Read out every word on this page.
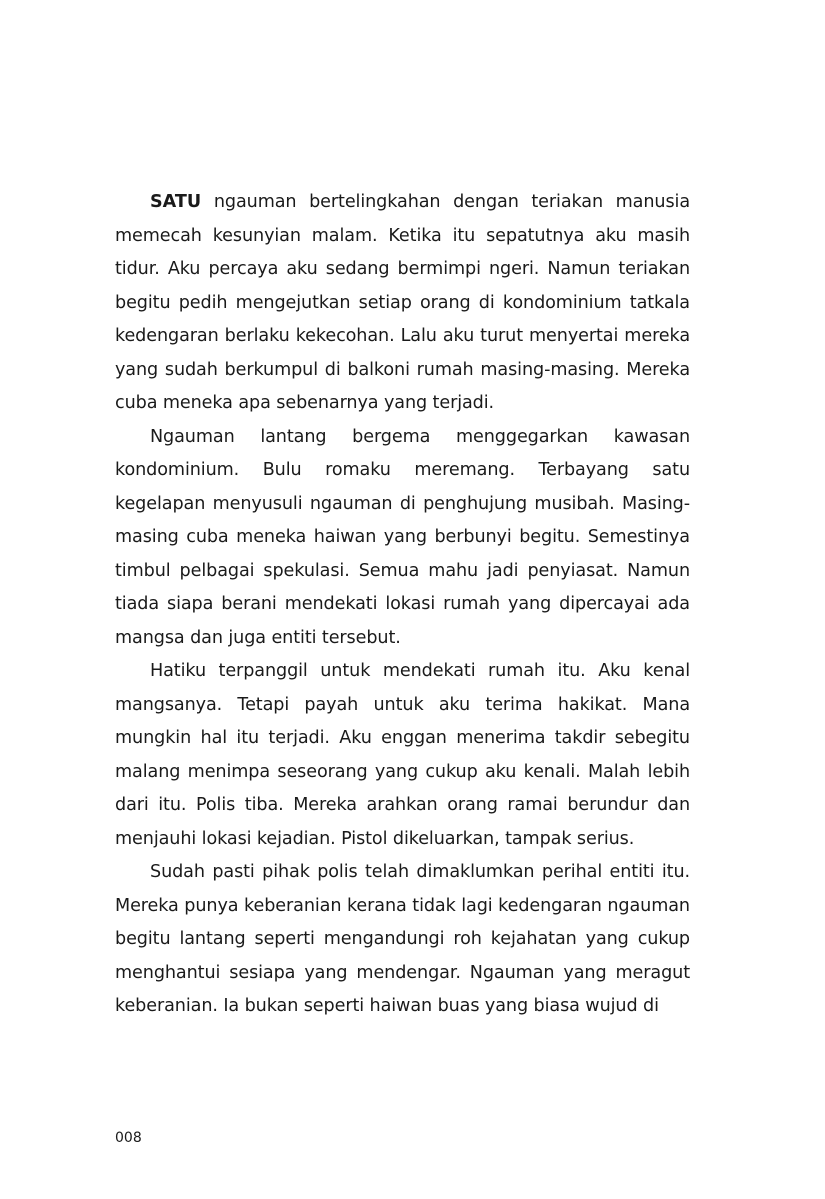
SATU ngauman bertelingkahan dengan teriakan manusia memecah kesunyian malam. Ketika itu sepatutnya aku masih tidur. Aku percaya aku sedang bermimpi ngeri. Namun teriakan begitu pedih mengejutkan setiap orang di kondominium tatkala kedengaran berlaku kekecohan. Lalu aku turut menyertai mereka yang sudah berkumpul di balkoni rumah masing-masing. Mereka cuba meneka apa sebenarnya yang terjadi.

Ngauman lantang bergema menggegarkan kawasan kondominium. Bulu romaku meremang. Terbayang satu kegelapan menyusuli ngauman di penghujung musibah. Masing-masing cuba meneka haiwan yang berbunyi begitu. Semestinya timbul pelbagai spekulasi. Semua mahu jadi penyiasat. Namun tiada siapa berani mendekati lokasi rumah yang dipercayai ada mangsa dan juga entiti tersebut.

Hatiku terpanggil untuk mendekati rumah itu. Aku kenal mangsanya. Tetapi payah untuk aku terima hakikat. Mana mungkin hal itu terjadi. Aku enggan menerima takdir sebegitu malang menimpa seseorang yang cukup aku kenali. Malah lebih dari itu. Polis tiba. Mereka arahkan orang ramai berundur dan menjauhi lokasi kejadian. Pistol dikeluarkan, tampak serius.

Sudah pasti pihak polis telah dimaklumkan perihal entiti itu. Mereka punya keberanian kerana tidak lagi kedengaran ngauman begitu lantang seperti mengandungi roh kejahatan yang cukup menghantui sesiapa yang mendengar. Ngauman yang meragut keberanian. Ia bukan seperti haiwan buas yang biasa wujud di

008
